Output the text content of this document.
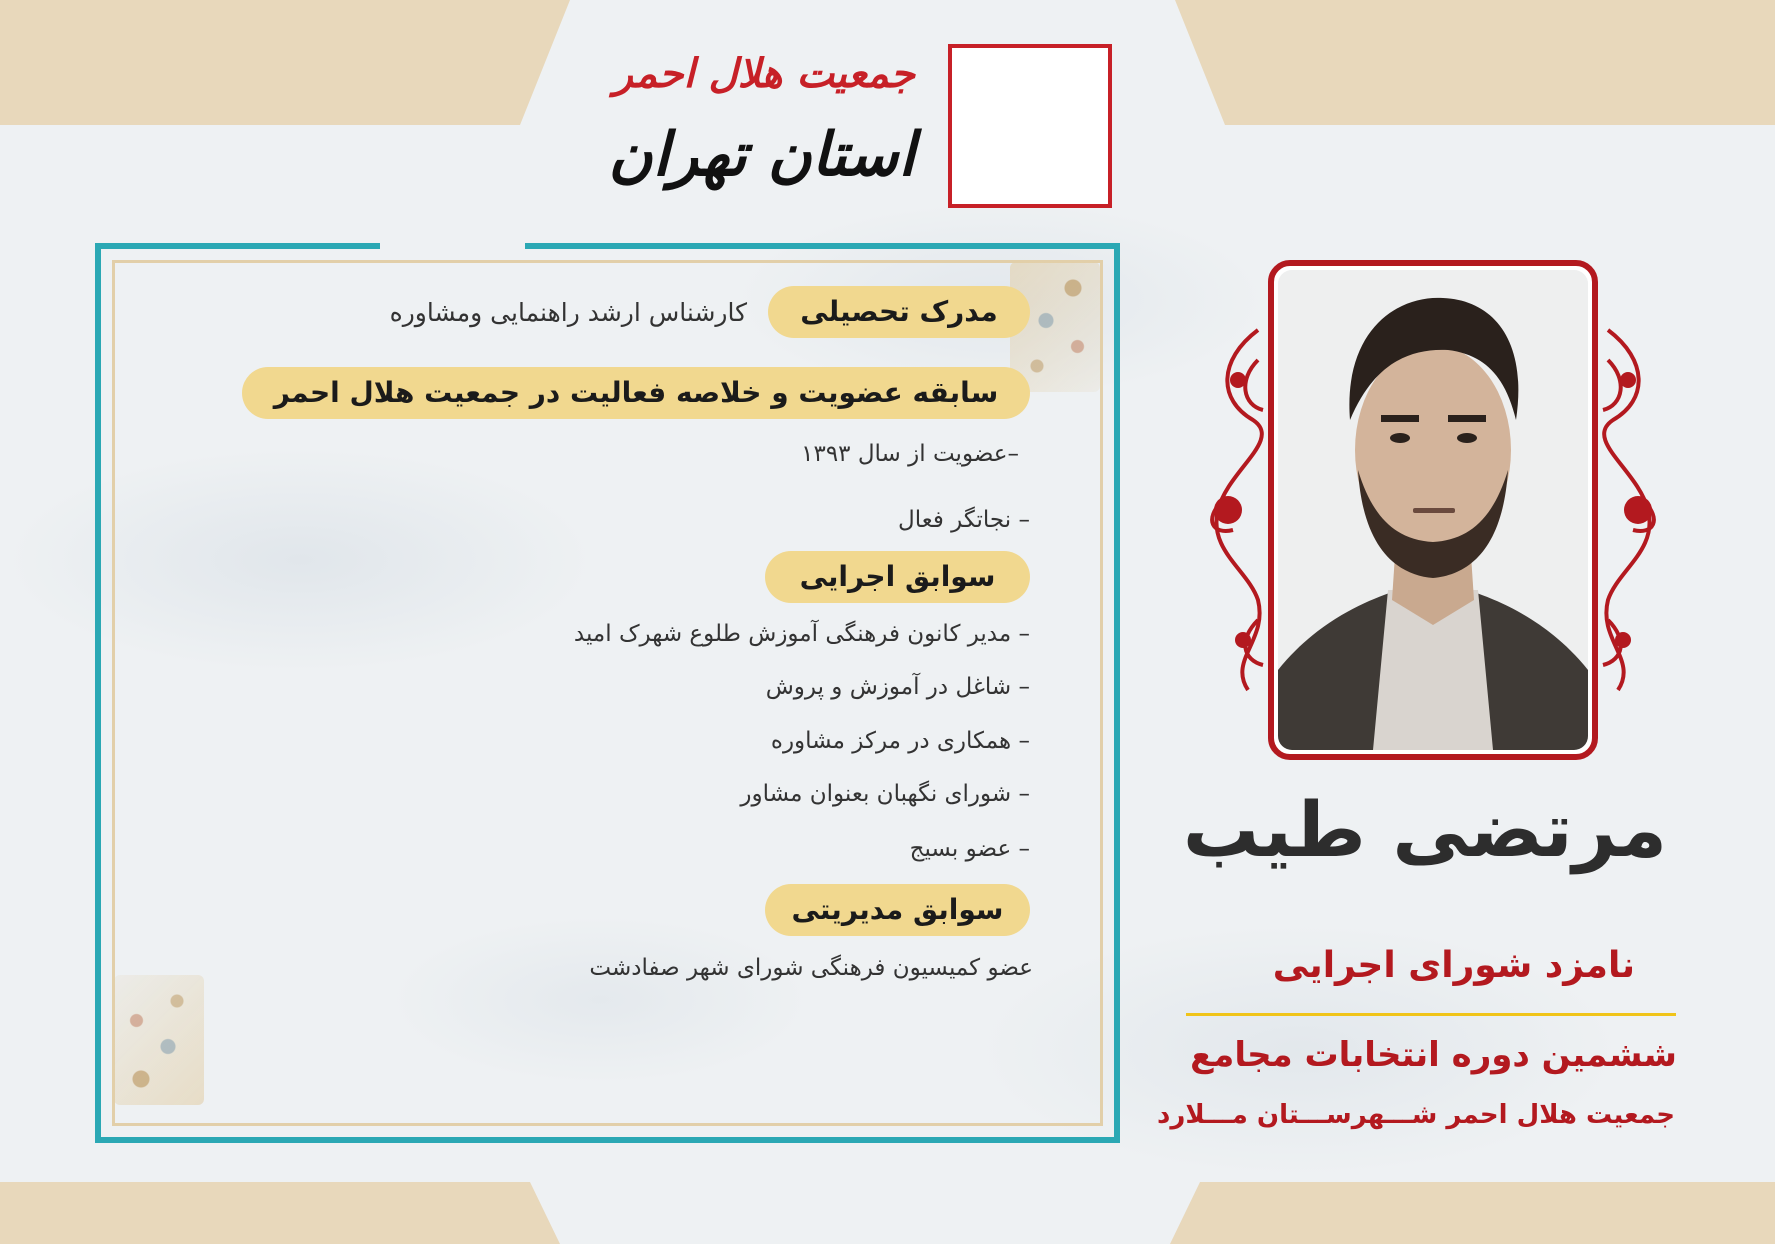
جمعیت هلال احمر
استان تهران
مدرک تحصیلی
کارشناس ارشد راهنمایی ومشاوره
سابقه عضویت و خلاصه فعالیت در جمعیت هلال احمر
–عضویت از سال ۱۳۹۳
– نجاتگر فعال
سوابق اجرایی
– مدیر کانون فرهنگی آموزش طلوع شهرک امید
– شاغل در آموزش و پروش
– همکاری در مرکز مشاوره
– شورای نگهبان بعنوان مشاور
– عضو بسیج
سوابق مدیریتی
عضو کمیسیون فرهنگی شورای شهر صفادشت
مرتضی طیب
نامزد شورای اجرایی
ششمین دوره انتخابات مجامع
جمعیت هلال احمر شـــهرســـتان مـــلارد
